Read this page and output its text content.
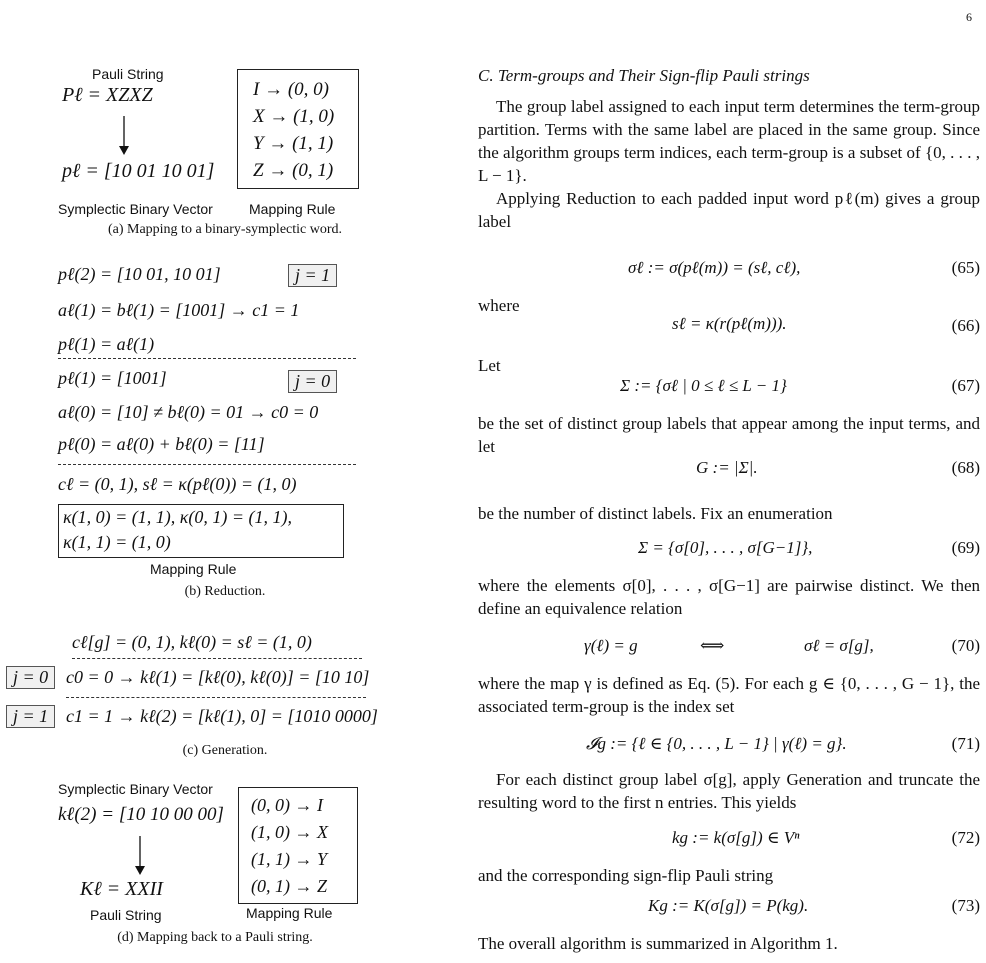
6
Pauli String
Pℓ = XZXZ
pℓ = [10 01 10 01]
I → (0, 0)
X → (1, 0)
Y → (1, 1)
Z → (0, 1)
Symplectic Binary Vector	Mapping Rule
(a) Mapping to a binary-symplectic word.
pℓ(2) = [10 01, 10 01]	j = 1
aℓ(1) = bℓ(1) = [1001] → c1 = 1
pℓ(1) = aℓ(1)
pℓ(1) = [1001]	j = 0
aℓ(0) = [10] ≠ bℓ(0) = 01 → c0 = 0
pℓ(0) = aℓ(0) + bℓ(0) = [11]
cℓ = (0, 1), sℓ = κ(pℓ(0)) = (1, 0)
κ(1, 0) = (1, 1), κ(0, 1) = (1, 1),
κ(1, 1) = (1, 0)
Mapping Rule
(b) Reduction.
cℓ[g] = (0, 1), kℓ(0) = sℓ = (1, 0)
j = 0 c0 = 0 → kℓ(1) = [kℓ(0), kℓ(0)] = [10 10]
j = 1 c1 = 1 → kℓ(2) = [kℓ(1), 0] = [1010 0000]
(c) Generation.
Symplectic Binary Vector
kℓ(2) = [10 10 00 00]
Kℓ = XXII
Pauli String
(0, 0) → I
(1, 0) → X
(1, 1) → Y
(0, 1) → Z
Mapping Rule
(d) Mapping back to a Pauli string.
C. Term-groups and Their Sign-flip Pauli strings
The group label assigned to each input term determines the term-group partition. Terms with the same label are placed in the same group. Since the algorithm groups term indices, each term-group is a subset of {0, . . . , L − 1}.
Applying Reduction to each padded input word pℓ(m) gives a group label
σℓ := σ(pℓ(m)) = (sℓ, cℓ),	(65)
where
sℓ = κ(r(pℓ(m))).	(66)
Let
Σ := {σℓ | 0 ≤ ℓ ≤ L − 1}	(67)
be the set of distinct group labels that appear among the input terms, and let
G := |Σ|.	(68)
be the number of distinct labels. Fix an enumeration
Σ = {σ[0], . . . , σ[G−1]},	(69)
where the elements σ[0], . . . , σ[G−1] are pairwise distinct. We then define an equivalence relation
γ(ℓ) = g	⟺	σℓ = σ[g],	(70)
where the map γ is defined as Eq. (5). For each g ∈ {0, . . . , G − 1}, the associated term-group is the index set
𝓘g := {ℓ ∈ {0, . . . , L − 1} | γ(ℓ) = g}.	(71)
For each distinct group label σ[g], apply Generation and truncate the resulting word to the first n entries. This yields
kg := k(σ[g]) ∈ Vⁿ	(72)
and the corresponding sign-flip Pauli string
Kg := K(σ[g]) = P(kg).	(73)
The overall algorithm is summarized in Algorithm 1.
